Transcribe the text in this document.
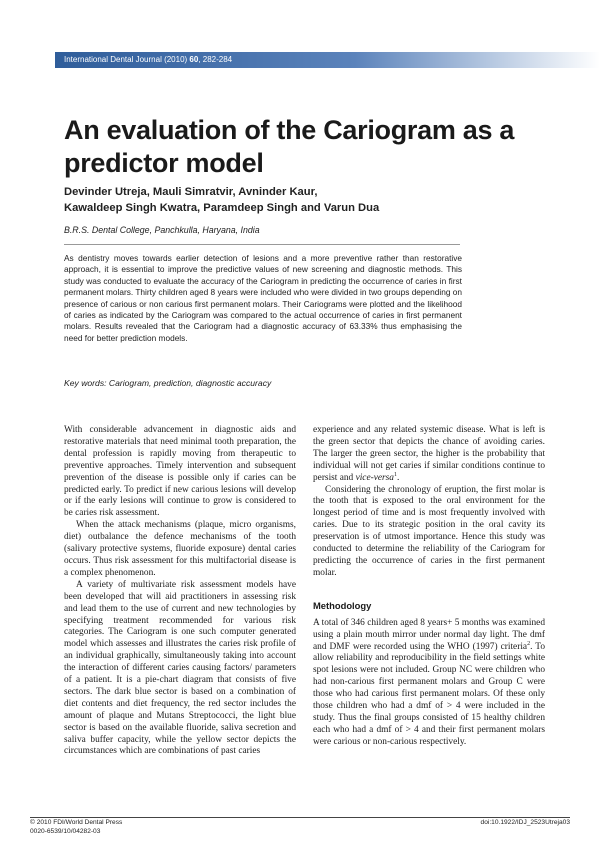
International Dental Journal (2010) 60, 282-284
An evaluation of the Cariogram as a predictor model
Devinder Utreja, Mauli Simratvir, Avninder Kaur,
Kawaldeep Singh Kwatra, Paramdeep Singh and Varun Dua
B.R.S. Dental College, Panchkulla, Haryana, India
As dentistry moves towards earlier detection of lesions and a more preventive rather than restorative approach, it is essential to improve the predictive values of new screening and diagnostic methods. This study was conducted to evaluate the accuracy of the Cariogram in predicting the occurrence of caries in first permanent molars. Thirty children aged 8 years were included who were divided in two groups depending on presence of carious or non carious first permanent molars. Their Cariograms were plotted and the likelihood of caries as indicated by the Cariogram was compared to the actual occurrence of caries in first permanent molars. Results revealed that the Cariogram had a diagnostic accuracy of 63.33% thus emphasising the need for better prediction models.
Key words: Cariogram, prediction, diagnostic accuracy

With considerable advancement in diagnostic aids and restorative materials that need minimal tooth preparation, the dental profession is rapidly moving from therapeutic to preventive approaches. Timely intervention and subsequent prevention of the disease is possible only if caries can be predicted early. To predict if new carious lesions will develop or if the early lesions will continue to grow is considered to be caries risk assessment.

When the attack mechanisms (plaque, micro organisms, diet) outbalance the defence mechanisms of the tooth (salivary protective systems, fluoride exposure) dental caries occurs. Thus risk assessment for this multifactorial disease is a complex phenomenon.

A variety of multivariate risk assessment models have been developed that will aid practitioners in assessing risk and lead them to the use of current and new technologies by specifying treatment recommended for various risk categories. The Cariogram is one such computer generated model which assesses and illustrates the caries risk profile of an individual graphically, simultaneously taking into account the interaction of different caries causing factors/ parameters of a patient. It is a pie-chart diagram that consists of five sectors. The dark blue sector is based on a combination of diet contents and diet frequency, the red sector includes the amount of plaque and Mutans Streptococci, the light blue sector is based on the available fluoride, saliva secretion and saliva buffer capacity, while the yellow sector depicts the circumstances which are combinations of past caries

experience and any related systemic disease. What is left is the green sector that depicts the chance of avoiding caries. The larger the green sector, the higher is the probability that individual will not get caries if similar conditions continue to persist and vice-versa$^1$.

Considering the chronology of eruption, the first molar is the tooth that is exposed to the oral environment for the longest period of time and is most frequently involved with caries. Due to its strategic position in the oral cavity its preservation is of utmost importance. Hence this study was conducted to determine the reliability of the Cariogram for predicting the occurrence of caries in the first permanent molar.

Methodology

A total of 346 children aged 8 years+ 5 months was examined using a plain mouth mirror under normal day light. The dmf and DMF were recorded using the WHO (1997) criteria$^2$. To allow reliability and reproducibility in the field settings white spot lesions were not included. Group NC were children who had non-carious first permanent molars and Group C were those who had carious first permanent molars. Of these only those children who had a dmf of > 4 were included in the study. Thus the final groups consisted of 15 healthy children each who had a dmf of > 4 and their first permanent molars were carious or non-carious respectively.

© 2010 FDI/World Dental Press
0020-6539/10/04282-03
doi:10.1922/IDJ_2523Utreja03
